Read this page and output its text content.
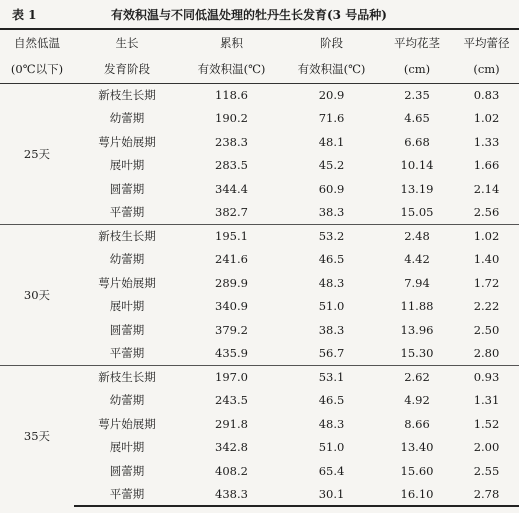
表 1	有效积温与不同低温处理的牡丹生长发育(3 号品种)
自然低温	生长	累积	阶段	平均花茎	平均蕾径
(0℃以下)	发育阶段	有效积温(℃)	有效积温(℃)	(cm)	(cm)
25天	新枝生长期	118.6	20.9	2.35	0.83
	幼蕾期	190.2	71.6	4.65	1.02
	萼片始展期	238.3	48.1	6.68	1.33
	展叶期	283.5	45.2	10.14	1.66
	圆蕾期	344.4	60.9	13.19	2.14
	平蕾期	382.7	38.3	15.05	2.56
30天	新枝生长期	195.1	53.2	2.48	1.02
	幼蕾期	241.6	46.5	4.42	1.40
	萼片始展期	289.9	48.3	7.94	1.72
	展叶期	340.9	51.0	11.88	2.22
	圆蕾期	379.2	38.3	13.96	2.50
	平蕾期	435.9	56.7	15.30	2.80
35天	新枝生长期	197.0	53.1	2.62	0.93
	幼蕾期	243.5	46.5	4.92	1.31
	萼片始展期	291.8	48.3	8.66	1.52
	展叶期	342.8	51.0	13.40	2.00
	圆蕾期	408.2	65.4	15.60	2.55
	平蕾期	438.3	30.1	16.10	2.78
